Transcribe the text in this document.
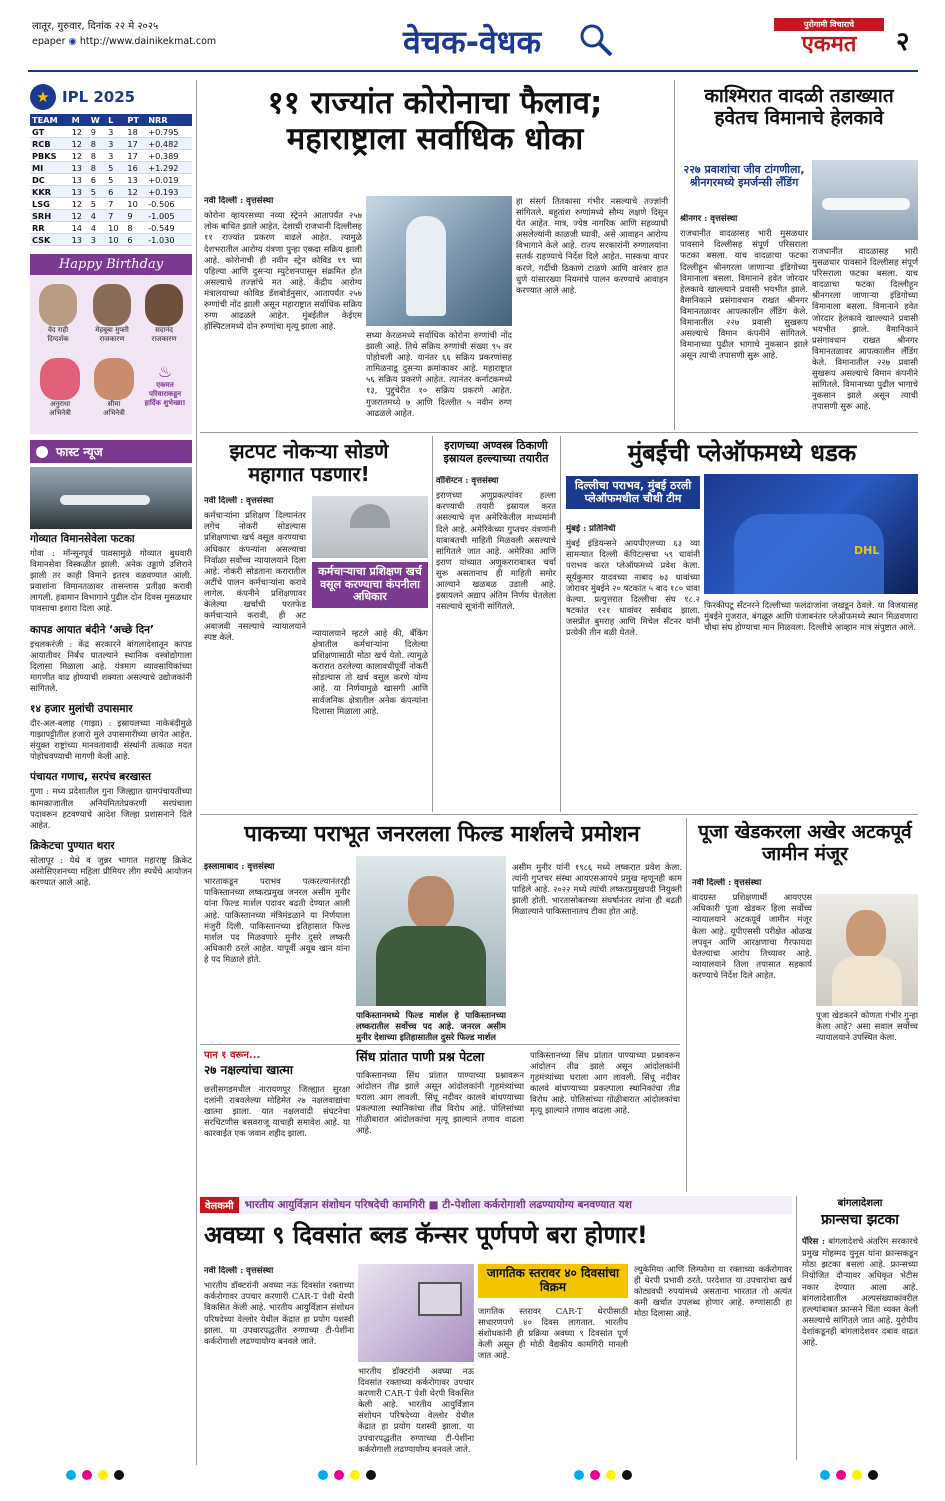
लातूर, गुरुवार, दिनांक २२ मे २०२५
epaper ◉ http://www.dainikekmat.com	वेचक-वेधक	पुरोगामी विचाराचे
एकमत	२
★ IPL 2025
TEAM	M	W	L	PT	NRR
GT	12	9	3	18	+0.795
RCB	12	8	3	17	+0.482
PBKS	12	8	3	17	+0.389
MI	13	8	5	16	+1.292
DC	13	6	5	13	+0.019
KKR	13	5	6	12	+0.193
LSG	12	5	7	10	-0.506
SRH	12	4	7	9	-1.005
RR	14	4	10	8	-0.549
CSK	13	3	10	6	-1.030
Happy Birthday
वेद राही
दिग्दर्शक
मेहबूबा मुफ्ती
राजकारण
सदानंद
राजकारण
अनुराधा
अभिनेत्री
सीमा
अभिनेत्री
♨
एकमत परिवाराकडून हार्दिक शुभेच्छा!
फास्ट न्यूज
गोव्यात विमानसेवेला फटका
गोवा : मॉन्सूनपूर्व पावसामुळे गोव्यात बुधवारी विमानसेवा विस्कळीत झाली. अनेक उड्डाणे उशिराने झाली तर काही विमाने इतरत्र वळवण्यात आली. प्रवाशांना विमानतळावर तासन्तास प्रतीक्षा करावी लागली. हवामान विभागाने पुढील दोन दिवस मुसळधार पावसाचा इशारा दिला आहे.
कापड आयात बंदीने ‘अच्छे दिन’
इचलकरंजी : केंद्र सरकारने बांगलादेशातून कापड आयातीवर निर्बंध घातल्याने स्थानिक वस्त्रोद्योगाला दिलासा मिळाला आहे. यंत्रमाग व्यावसायिकांच्या मागणीत वाढ होण्याची शक्यता असल्याचे उद्योजकांनी सांगितले.
१४ हजार मुलांची उपासमार
दीर-अल-बलाह (गाझा) : इस्रायलच्या नाकेबंदीमुळे गाझापट्टीतील हजारो मुले उपासमारीच्या छायेत आहेत. संयुक्त राष्ट्रांच्या मानवतावादी संस्थांनी तत्काळ मदत पोहोचवण्याची मागणी केली आहे.
पंचायत गणाच, सरपंच बरखास्त
गुणा : मध्य प्रदेशातील गुना जिल्ह्यात ग्रामपंचायतीच्या कामकाजातील अनियमिततेप्रकरणी सरपंचाला पदावरून हटवण्याचे आदेश जिल्हा प्रशासनाने दिले आहेत.
क्रिकेटचा पुण्यात थरार
सोलापूर : येथे व जुन्नर भागात महाराष्ट्र क्रिकेट असोसिएशनच्या महिला प्रीमियर लीग स्पर्धेचे आयोजन करण्यात आले आहे.
११ राज्यांत कोरोनाचा फैलाव; महाराष्ट्राला सर्वाधिक धोका
नवी दिल्ली : वृत्तसंस्था
कोरोना व्हायरसच्या नव्या स्ट्रेनने आतापर्यंत २५७ लोक बाधित झाले आहेत. देशाची राजधानी दिल्लीसह ११ राज्यांत प्रकरण वाढले आहेत. त्यामुळे देशभरातील आरोग्य यंत्रणा पुन्हा एकदा सक्रिय झाली आहे. कोरोनाची ही नवीन स्ट्रेन कोविड १९ च्या पहिल्या आणि दुसऱ्या म्युटेशनपासून संक्रमित होत असल्याचे तज्ज्ञांचे मत आहे. केंद्रीय आरोग्य मंत्रालयाच्या कोविड डॅशबोर्डनुसार, आतापर्यंत २५७ रुग्णांची नोंद झाली असून महाराष्ट्रात सर्वाधिक सक्रिय रुग्ण आढळले आहेत. मुंबईतील केईएम हॉस्पिटलमध्ये दोन रुग्णांचा मृत्यू झाला आहे.
सध्या केरळमध्ये सर्वाधिक कोरोना रुग्णांची नोंद झाली आहे. तिथे सक्रिय रुग्णांची संख्या ९५ वर पोहोचली आहे. यानंतर ६६ सक्रिय प्रकरणांसह तामिळनाडू दुसऱ्या क्रमांकावर आहे. महाराष्ट्रात ५६ सक्रिय प्रकरणे आहेत. त्यानंतर कर्नाटकमध्ये १३, पुद्दुचेरीत १० सक्रिय प्रकरणे आहेत. गुजरातमध्ये ७ आणि दिल्लीत ५ नवीन रुग्ण आढळले आहेत.
हा संसर्ग तितकासा गंभीर नसल्याचे तज्ज्ञांनी सांगितले. बहुतांश रुग्णांमध्ये सौम्य लक्षणे दिसून येत आहेत. मात्र, ज्येष्ठ नागरिक आणि सहव्याधी असलेल्यांनी काळजी घ्यावी, असे आवाहन आरोग्य विभागाने केले आहे. राज्य सरकारांनी रुग्णालयांना सतर्क राहण्याचे निर्देश दिले आहेत. मास्कचा वापर करणे, गर्दीची ठिकाणे टाळणे आणि वारंवार हात धुणे यांसारख्या नियमांचे पालन करण्याचे आवाहन करण्यात आले आहे.
काश्मिरात वादळी तडाख्यात हवेतच विमानाचे हेलकावे
२२७ प्रवाशांचा जीव टांगणीला, श्रीनगरमध्ये इमर्जन्सी लँडिंग
श्रीनगर : वृत्तसंस्था
राजधानीत वादळासह भारी मुसळधार पावसाने दिल्लीसह संपूर्ण परिसराला फटका बसला. याच वादळाचा फटका दिल्लीहून श्रीनगरला जाणाऱ्या इंडिगोच्या विमानाला बसला. विमानाने हवेत जोरदार हेलकावे खाल्ल्याने प्रवासी भयभीत झाले. वैमानिकाने प्रसंगावधान राखत श्रीनगर विमानतळावर आपत्कालीन लँडिंग केले. विमानातील २२७ प्रवासी सुखरूप असल्याचे विमान कंपनीने सांगितले. विमानाच्या पुढील भागाचे नुकसान झाले असून त्याची तपासणी सुरू आहे.
राजधानीत वादळासह भारी मुसळधार पावसाने दिल्लीसह संपूर्ण परिसराला फटका बसला. याच वादळाचा फटका दिल्लीहून श्रीनगरला जाणाऱ्या इंडिगोच्या विमानाला बसला. विमानाने हवेत जोरदार हेलकावे खाल्ल्याने प्रवासी भयभीत झाले. वैमानिकाने प्रसंगावधान राखत श्रीनगर विमानतळावर आपत्कालीन लँडिंग केले. विमानातील २२७ प्रवासी सुखरूप असल्याचे विमान कंपनीने सांगितले. विमानाच्या पुढील भागाचे नुकसान झाले असून त्याची तपासणी सुरू आहे.
झटपट नोकऱ्या सोडणे महागात पडणार!
नवी दिल्ली : वृत्तसंस्था
कर्मचाऱ्यांना प्रशिक्षण दिल्यानंतर लगेच नोकरी सोडल्यास प्रशिक्षणाचा खर्च वसूल करण्याचा अधिकार कंपन्यांना असल्याचा निर्वाळा सर्वोच्च न्यायालयाने दिला आहे. नोकरी सोडताना करारातील अटींचे पालन कर्मचाऱ्यांना करावे लागेल. कंपनीने प्रशिक्षणावर केलेल्या खर्चाची परतफेड कर्मचाऱ्याने करावी, ही अट अवाजवी नसल्याचे न्यायालयाने स्पष्ट केले.
कर्मचाऱ्याचा प्रशिक्षण खर्च वसूल करण्याचा कंपनीला अधिकार
न्यायालयाने म्हटले आहे की, बँकिंग क्षेत्रातील कर्मचाऱ्यांना दिलेल्या प्रशिक्षणासाठी मोठा खर्च येतो. त्यामुळे करारात ठरलेल्या कालावधीपूर्वी नोकरी सोडल्यास तो खर्च वसूल करणे योग्य आहे. या निर्णयामुळे खासगी आणि सार्वजनिक क्षेत्रातील अनेक कंपन्यांना दिलासा मिळाला आहे.
इराणच्या अण्वस्त्र ठिकाणी इस्रायल हल्ल्याच्या तयारीत
वॉशिंग्टन : वृत्तसंस्था
इराणच्या अणुप्रकल्पांवर हल्ला करण्याची तयारी इस्रायल करत असल्याचे वृत्त अमेरिकेतील माध्यमांनी दिले आहे. अमेरिकेच्या गुप्तचर यंत्रणांनी याबाबतची माहिती मिळवली असल्याचे सांगितले जात आहे. अमेरिका आणि इराण यांच्यात अणुकराराबाबत चर्चा सुरू असतानाच ही माहिती समोर आल्याने खळबळ उडाली आहे. इस्रायलने अद्याप अंतिम निर्णय घेतलेला नसल्याचे सूत्रांनी सांगितले.
मुंबईची प्लेऑफमध्ये धडक
दिल्लीचा पराभव, मुंबई ठरली प्लेऑफमधील चौथी टीम
DHL
मुंबई : प्रतिनिधी
मुंबई इंडियन्सने आयपीएलच्या ६३ व्या सामन्यात दिल्ली कॅपिटल्सचा ५९ धावांनी पराभव करत प्लेऑफमध्ये प्रवेश केला. सूर्यकुमार यादवच्या नाबाद ७३ धावांच्या जोरावर मुंबईने २० षटकांत ५ बाद १८० धावा केल्या. प्रत्युत्तरात दिल्लीचा संघ १८.२ षटकांत १२१ धावांवर सर्वबाद झाला. जसप्रीत बुमराह आणि मिचेल सँटनर यांनी प्रत्येकी तीन बळी घेतले.
फिरकीपटू सँटनरने दिल्लीच्या फलंदाजांना जखडून ठेवले. या विजयासह मुंबईने गुजरात, बंगळूरु आणि पंजाबनंतर प्लेऑफमध्ये स्थान मिळवणारा चौथा संघ होण्याचा मान मिळवला. दिल्लीचे आव्हान मात्र संपुष्टात आले.
पाकच्या पराभूत जनरलला फिल्ड मार्शलचे प्रमोशन
इस्लामाबाद : वृत्तसंस्था
भारताकडून पराभव पत्करल्यानंतरही पाकिस्तानच्या लष्करप्रमुख जनरल असीम मुनीर यांना फिल्ड मार्शल पदावर बढती देण्यात आली आहे. पाकिस्तानच्या मंत्रिमंडळाने या निर्णयाला मंजुरी दिली. पाकिस्तानच्या इतिहासात फिल्ड मार्शल पद मिळवणारे मुनीर दुसरे लष्करी अधिकारी ठरले आहेत. यापूर्वी अयूब खान यांना हे पद मिळाले होते.
पाकिस्तानमध्ये फिल्ड मार्शल हे पाकिस्तानच्या लष्करातील सर्वोच्च पद आहे. जनरल असीम मुनीर देशाच्या इतिहासातील दुसरे फिल्ड मार्शल
असीम मुनीर यांनी १९८६ मध्ये लष्करात प्रवेश केला. त्यांनी गुप्तचर संस्था आयएसआयचे प्रमुख म्हणूनही काम पाहिले आहे. २०२२ मध्ये त्यांची लष्करप्रमुखपदी नियुक्ती झाली होती. भारतासोबतच्या संघर्षानंतर त्यांना ही बढती मिळाल्याने पाकिस्तानातच टीका होत आहे.
पान १ वरून...
२७ नक्षल्यांचा खात्मा
छत्तीसगडमधील नारायणपूर जिल्ह्यात सुरक्षा दलांनी राबवलेल्या मोहिमेत २७ नक्षलवाद्यांचा खात्मा झाला. यात नक्षलवादी संघटनेचा सरचिटणीस बसवराजू याचाही समावेश आहे. या कारवाईत एक जवान शहीद झाला.
सिंध प्रांतात पाणी प्रश्न पेटला
पाकिस्तानच्या सिंध प्रांतात पाण्याच्या प्रश्नावरून आंदोलन तीव्र झाले असून आंदोलकांनी गृहमंत्र्यांच्या घराला आग लावली. सिंधू नदीवर कालवे बांधण्याच्या प्रकल्पाला स्थानिकांचा तीव्र विरोध आहे. पोलिसांच्या गोळीबारात आंदोलकांचा मृत्यू झाल्याने तणाव वाढला आहे.
पाकिस्तानच्या सिंध प्रांतात पाण्याच्या प्रश्नावरून आंदोलन तीव्र झाले असून आंदोलकांनी गृहमंत्र्यांच्या घराला आग लावली. सिंधू नदीवर कालवे बांधण्याच्या प्रकल्पाला स्थानिकांचा तीव्र विरोध आहे. पोलिसांच्या गोळीबारात आंदोलकांचा मृत्यू झाल्याने तणाव वाढला आहे.
पूजा खेडकरला अखेर अटकपूर्व जामीन मंजूर
नवी दिल्ली : वृत्तसंस्था
वादग्रस्त प्रशिक्षणार्थी आयएएस अधिकारी पूजा खेडकर हिला सर्वोच्च न्यायालयाने अटकपूर्व जामीन मंजूर केला आहे. यूपीएससी परीक्षेत ओळख लपवून आणि आरक्षणाचा गैरफायदा घेतल्याचा आरोप तिच्यावर आहे. न्यायालयाने तिला तपासात सहकार्य करण्याचे निर्देश दिले आहेत.
पूजा खेडकरने कोणता गंभीर गुन्हा केला आहे? असा सवाल सर्वोच्च न्यायालयाने उपस्थित केला.
वेलकमी	भारतीय आयुर्विज्ञान संशोधन परिषदेची कामगिरी ■ टी-पेशीला कर्करोगाशी लढण्यायोग्य बनवण्यात यश
अवघ्या ९ दिवसांत ब्लड कॅन्सर पूर्णपणे बरा होणार!
नवी दिल्ली : वृत्तसंस्था
भारतीय डॉक्टरांनी अवघ्या नऊ दिवसांत रक्ताच्या कर्करोगावर उपचार करणारी CAR-T पेशी थेरपी विकसित केली आहे. भारतीय आयुर्विज्ञान संशोधन परिषदेच्या वेल्लोर येथील केंद्रात हा प्रयोग यशस्वी झाला. या उपचारपद्धतीत रुग्णाच्या टी-पेशींना कर्करोगाशी लढण्यायोग्य बनवले जाते.
भारतीय डॉक्टरांनी अवघ्या नऊ दिवसांत रक्ताच्या कर्करोगावर उपचार करणारी CAR-T पेशी थेरपी विकसित केली आहे. भारतीय आयुर्विज्ञान संशोधन परिषदेच्या वेल्लोर येथील केंद्रात हा प्रयोग यशस्वी झाला. या उपचारपद्धतीत रुग्णाच्या टी-पेशींना कर्करोगाशी लढण्यायोग्य बनवले जाते.
जागतिक स्तरावर ४० दिवसांचा विक्रम
जागतिक स्तरावर CAR-T थेरपीसाठी साधारणपणे ४० दिवस लागतात. भारतीय संशोधकांनी ही प्रक्रिया अवघ्या ९ दिवसांत पूर्ण केली असून ही मोठी वैद्यकीय कामगिरी मानली जात आहे.
ल्युकेमिया आणि लिम्फोमा या रक्ताच्या कर्करोगावर ही थेरपी प्रभावी ठरते. परदेशात या उपचारांचा खर्च कोट्यवधी रुपयांमध्ये असताना भारतात तो अत्यंत कमी खर्चात उपलब्ध होणार आहे. रुग्णांसाठी हा मोठा दिलासा आहे.
बांगलादेशला
फ्रान्सचा झटका
पॅरिस : बांगलादेशचे अंतरिम सरकारचे प्रमुख मोहम्मद युनूस यांना फ्रान्सकडून मोठा झटका बसला आहे. फ्रान्सच्या नियोजित दौऱ्यावर अधिकृत भेटीस नकार देण्यात आला आहे. बांगलादेशातील अल्पसंख्याकांवरील हल्ल्यांबाबत फ्रान्सने चिंता व्यक्त केली असल्याचे सांगितले जात आहे. युरोपीय देशांकडूनही बांगलादेशवर दबाव वाढत आहे.
